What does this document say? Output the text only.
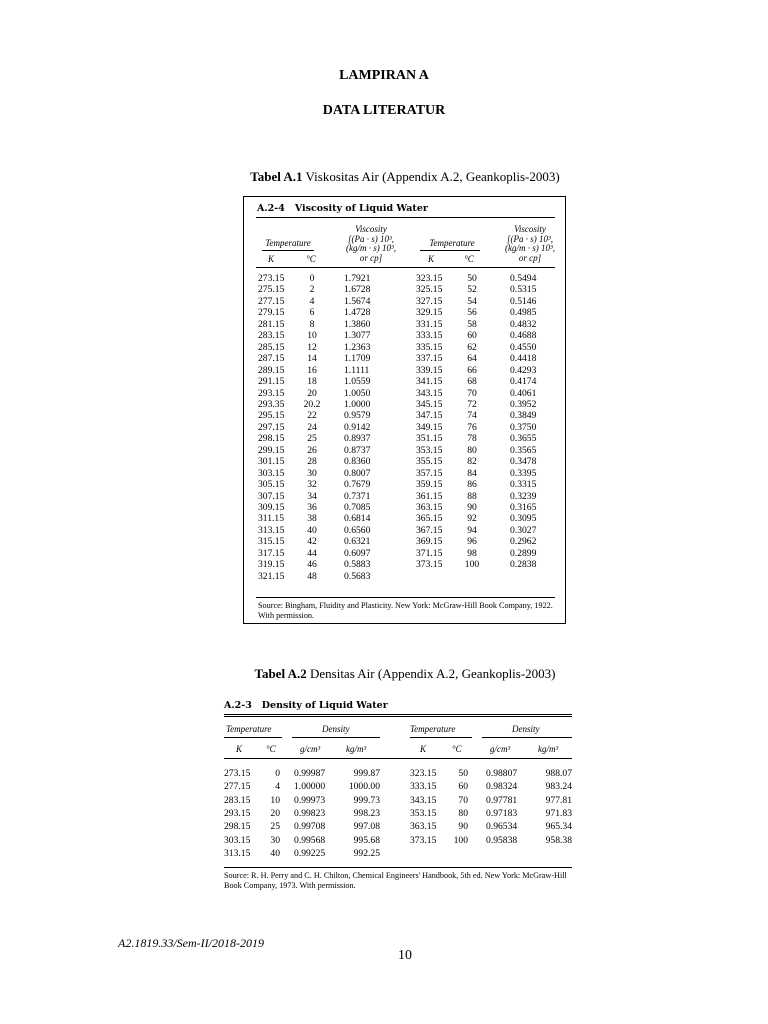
LAMPIRAN A
DATA LITERATUR
Tabel A.1 Viskositas Air (Appendix A.2, Geankoplis-2003)
A.2-4 Viscosity of Liquid Water
Temperature
Viscosity
[(Pa · s) 10³,
(kg/m · s) 10³,
or cp]
Temperature
Viscosity
[(Pa · s) 10³,
(kg/m · s) 10³,
or cp]
K	°C	K	°C
273.15	0	1.7921
275.15	2	1.6728
277.15	4	1.5674
279.15	6	1.4728
281.15	8	1.3860
283.15	10	1.3077
285.15	12	1.2363
287.15	14	1.1709
289.15	16	1.1111
291.15	18	1.0559
293.15	20	1.0050
293.35	20.2	1.0000
295.15	22	0.9579
297.15	24	0.9142
298.15	25	0.8937
299.15	26	0.8737
301.15	28	0.8360
303.15	30	0.8007
305.15	32	0.7679
307.15	34	0.7371
309.15	36	0.7085
311.15	38	0.6814
313.15	40	0.6560
315.15	42	0.6321
317.15	44	0.6097
319.15	46	0.5883
321.15	48	0.5683
323.15	50	0.5494
325.15	52	0.5315
327.15	54	0.5146
329.15	56	0.4985
331.15	58	0.4832
333.15	60	0.4688
335.15	62	0.4550
337.15	64	0.4418
339.15	66	0.4293
341.15	68	0.4174
343.15	70	0.4061
345.15	72	0.3952
347.15	74	0.3849
349.15	76	0.3750
351.15	78	0.3655
353.15	80	0.3565
355.15	82	0.3478
357.15	84	0.3395
359.15	86	0.3315
361.15	88	0.3239
363.15	90	0.3165
365.15	92	0.3095
367.15	94	0.3027
369.15	96	0.2962
371.15	98	0.2899
373.15	100	0.2838
Source: Bingham, Fluidity and Plasticity. New York: McGraw-Hill Book Company, 1922. With permission.
Tabel A.2 Densitas Air (Appendix A.2, Geankoplis-2003)
A.2-3 Density of Liquid Water
Temperature	Density	Temperature	Density
K	°C	g/cm³	kg/m³	K	°C	g/cm³	kg/m³
273.15	0 0.99987	999.87
277.15	4 1.00000	1000.00
283.15	10 0.99973	999.73
293.15	20 0.99823	998.23
298.15	25 0.99708	997.08
303.15	30 0.99568	995.68
313.15	40 0.99225	992.25
323.15	50 0.98807	988.07
333.15	60 0.98324	983.24
343.15	70 0.97781	977.81
353.15	80 0.97183	971.83
363.15	90 0.96534	965.34
373.15	100 0.95838	958.38
Source: R. H. Perry and C. H. Chilton, Chemical Engineers' Handbook, 5th ed. New York: McGraw-Hill Book Company, 1973. With permission.
A2.1819.33/Sem-II/2018-2019
10
